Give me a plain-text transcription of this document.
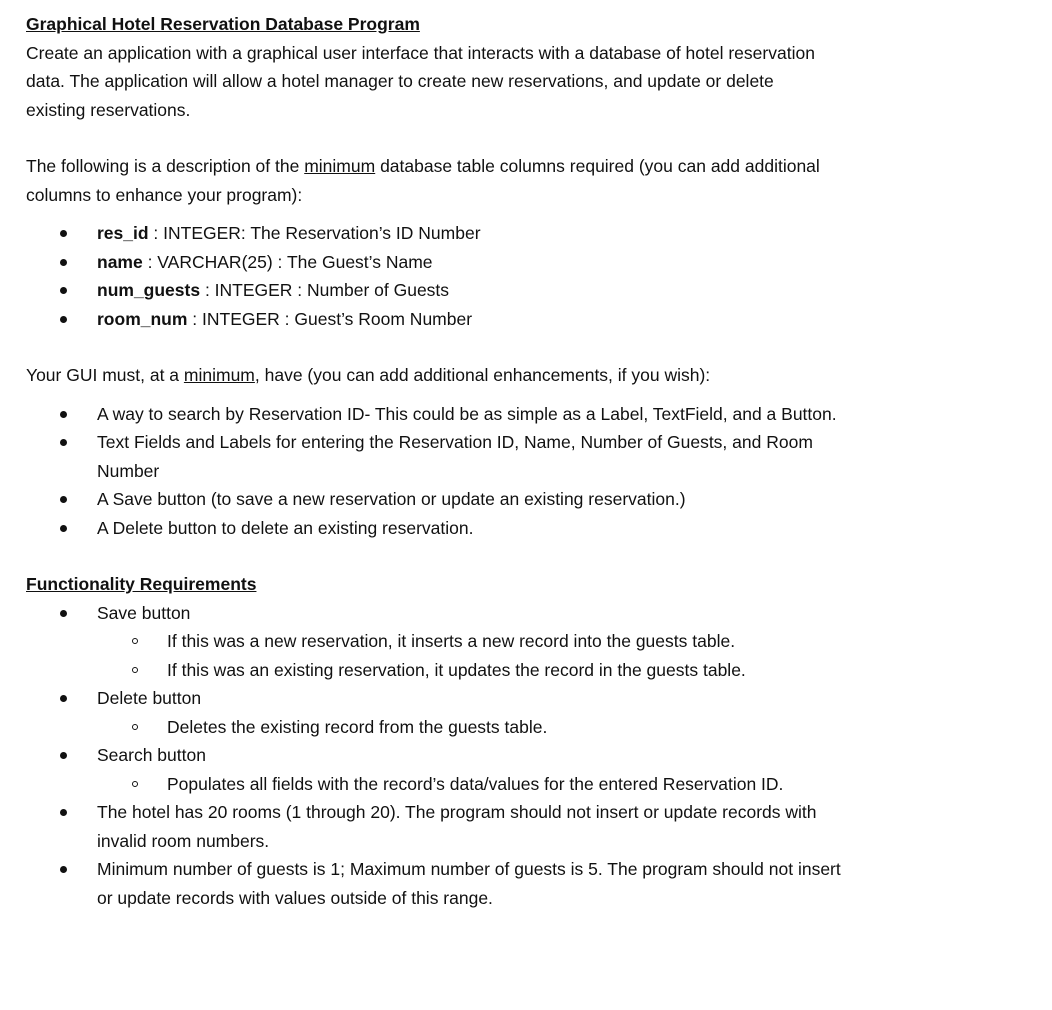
Graphical Hotel Reservation Database Program
Create an application with a graphical user interface that interacts with a database of hotel reservation
data. The application will allow a hotel manager to create new reservations, and update or delete
existing reservations.
The following is a description of the minimum database table columns required (you can add additional
columns to enhance your program):
res_id : INTEGER: The Reservation’s ID Number
name : VARCHAR(25) : The Guest’s Name
num_guests : INTEGER : Number of Guests
room_num : INTEGER : Guest’s Room Number
Your GUI must, at a minimum, have (you can add additional enhancements, if you wish):
A way to search by Reservation ID- This could be as simple as a Label, TextField, and a Button.
Text Fields and Labels for entering the Reservation ID, Name, Number of Guests, and Room
Number
A Save button (to save a new reservation or update an existing reservation.)
A Delete button to delete an existing reservation.
Functionality Requirements
Save button
If this was a new reservation, it inserts a new record into the guests table.
If this was an existing reservation, it updates the record in the guests table.
Delete button
Deletes the existing record from the guests table.
Search button
Populates all fields with the record’s data/values for the entered Reservation ID.
The hotel has 20 rooms (1 through 20). The program should not insert or update records with
invalid room numbers.
Minimum number of guests is 1; Maximum number of guests is 5. The program should not insert
or update records with values outside of this range.
